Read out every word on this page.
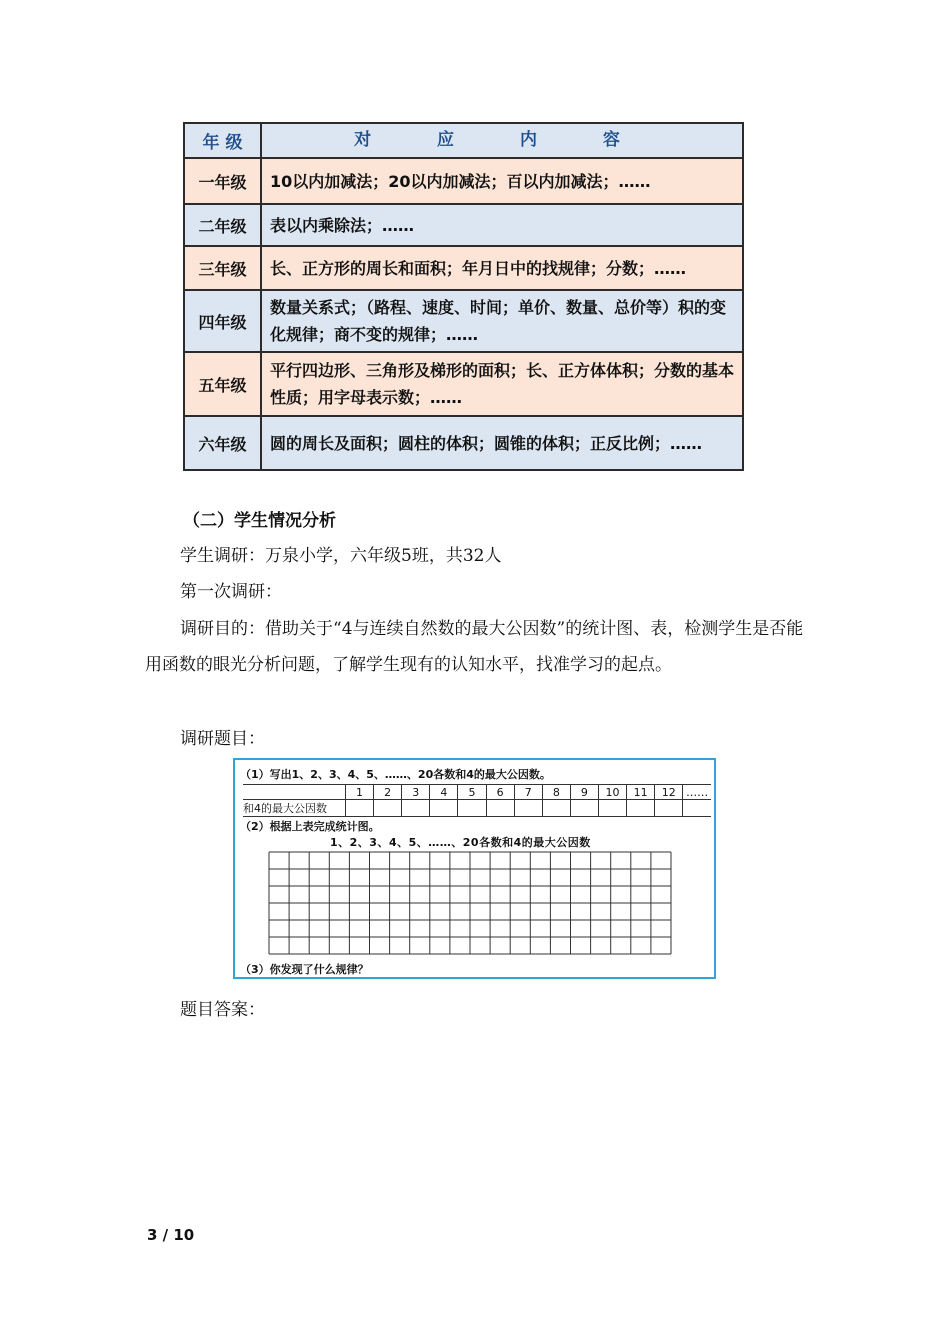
年 级	对 应 内 容
一年级	10以内加减法；20以内加减法；百以内加减法；……
二年级	表以内乘除法；……
三年级	长、正方形的周长和面积；年月日中的找规律；分数；……
四年级	数量关系式；（路程、速度、时间；单价、数量、总价等）积的变化规律；商不变的规律；……
五年级	平行四边形、三角形及梯形的面积；长、正方体体积；分数的基本性质；用字母表示数；……
六年级	圆的周长及面积；圆柱的体积；圆锥的体积；正反比例；……
（二）学生情况分析
学生调研：万泉小学，六年级5班，共32人
第一次调研：
调研目的：借助关于“4与连续自然数的最大公因数”的统计图、表，检测学生是否能用函数的眼光分析问题，了解学生现有的认知水平，找准学习的起点。
调研题目：
（1）写出1、2、3、4、5、……、20各数和4的最大公因数。
	1	2	3	4	5	6	7	8	9	10	11	12	……
和4的最大公因数													
（2）根据上表完成统计图。
1、2、3、4、5、……、20各数和4的最大公因数
（3）你发现了什么规律？
题目答案：
3 / 10
